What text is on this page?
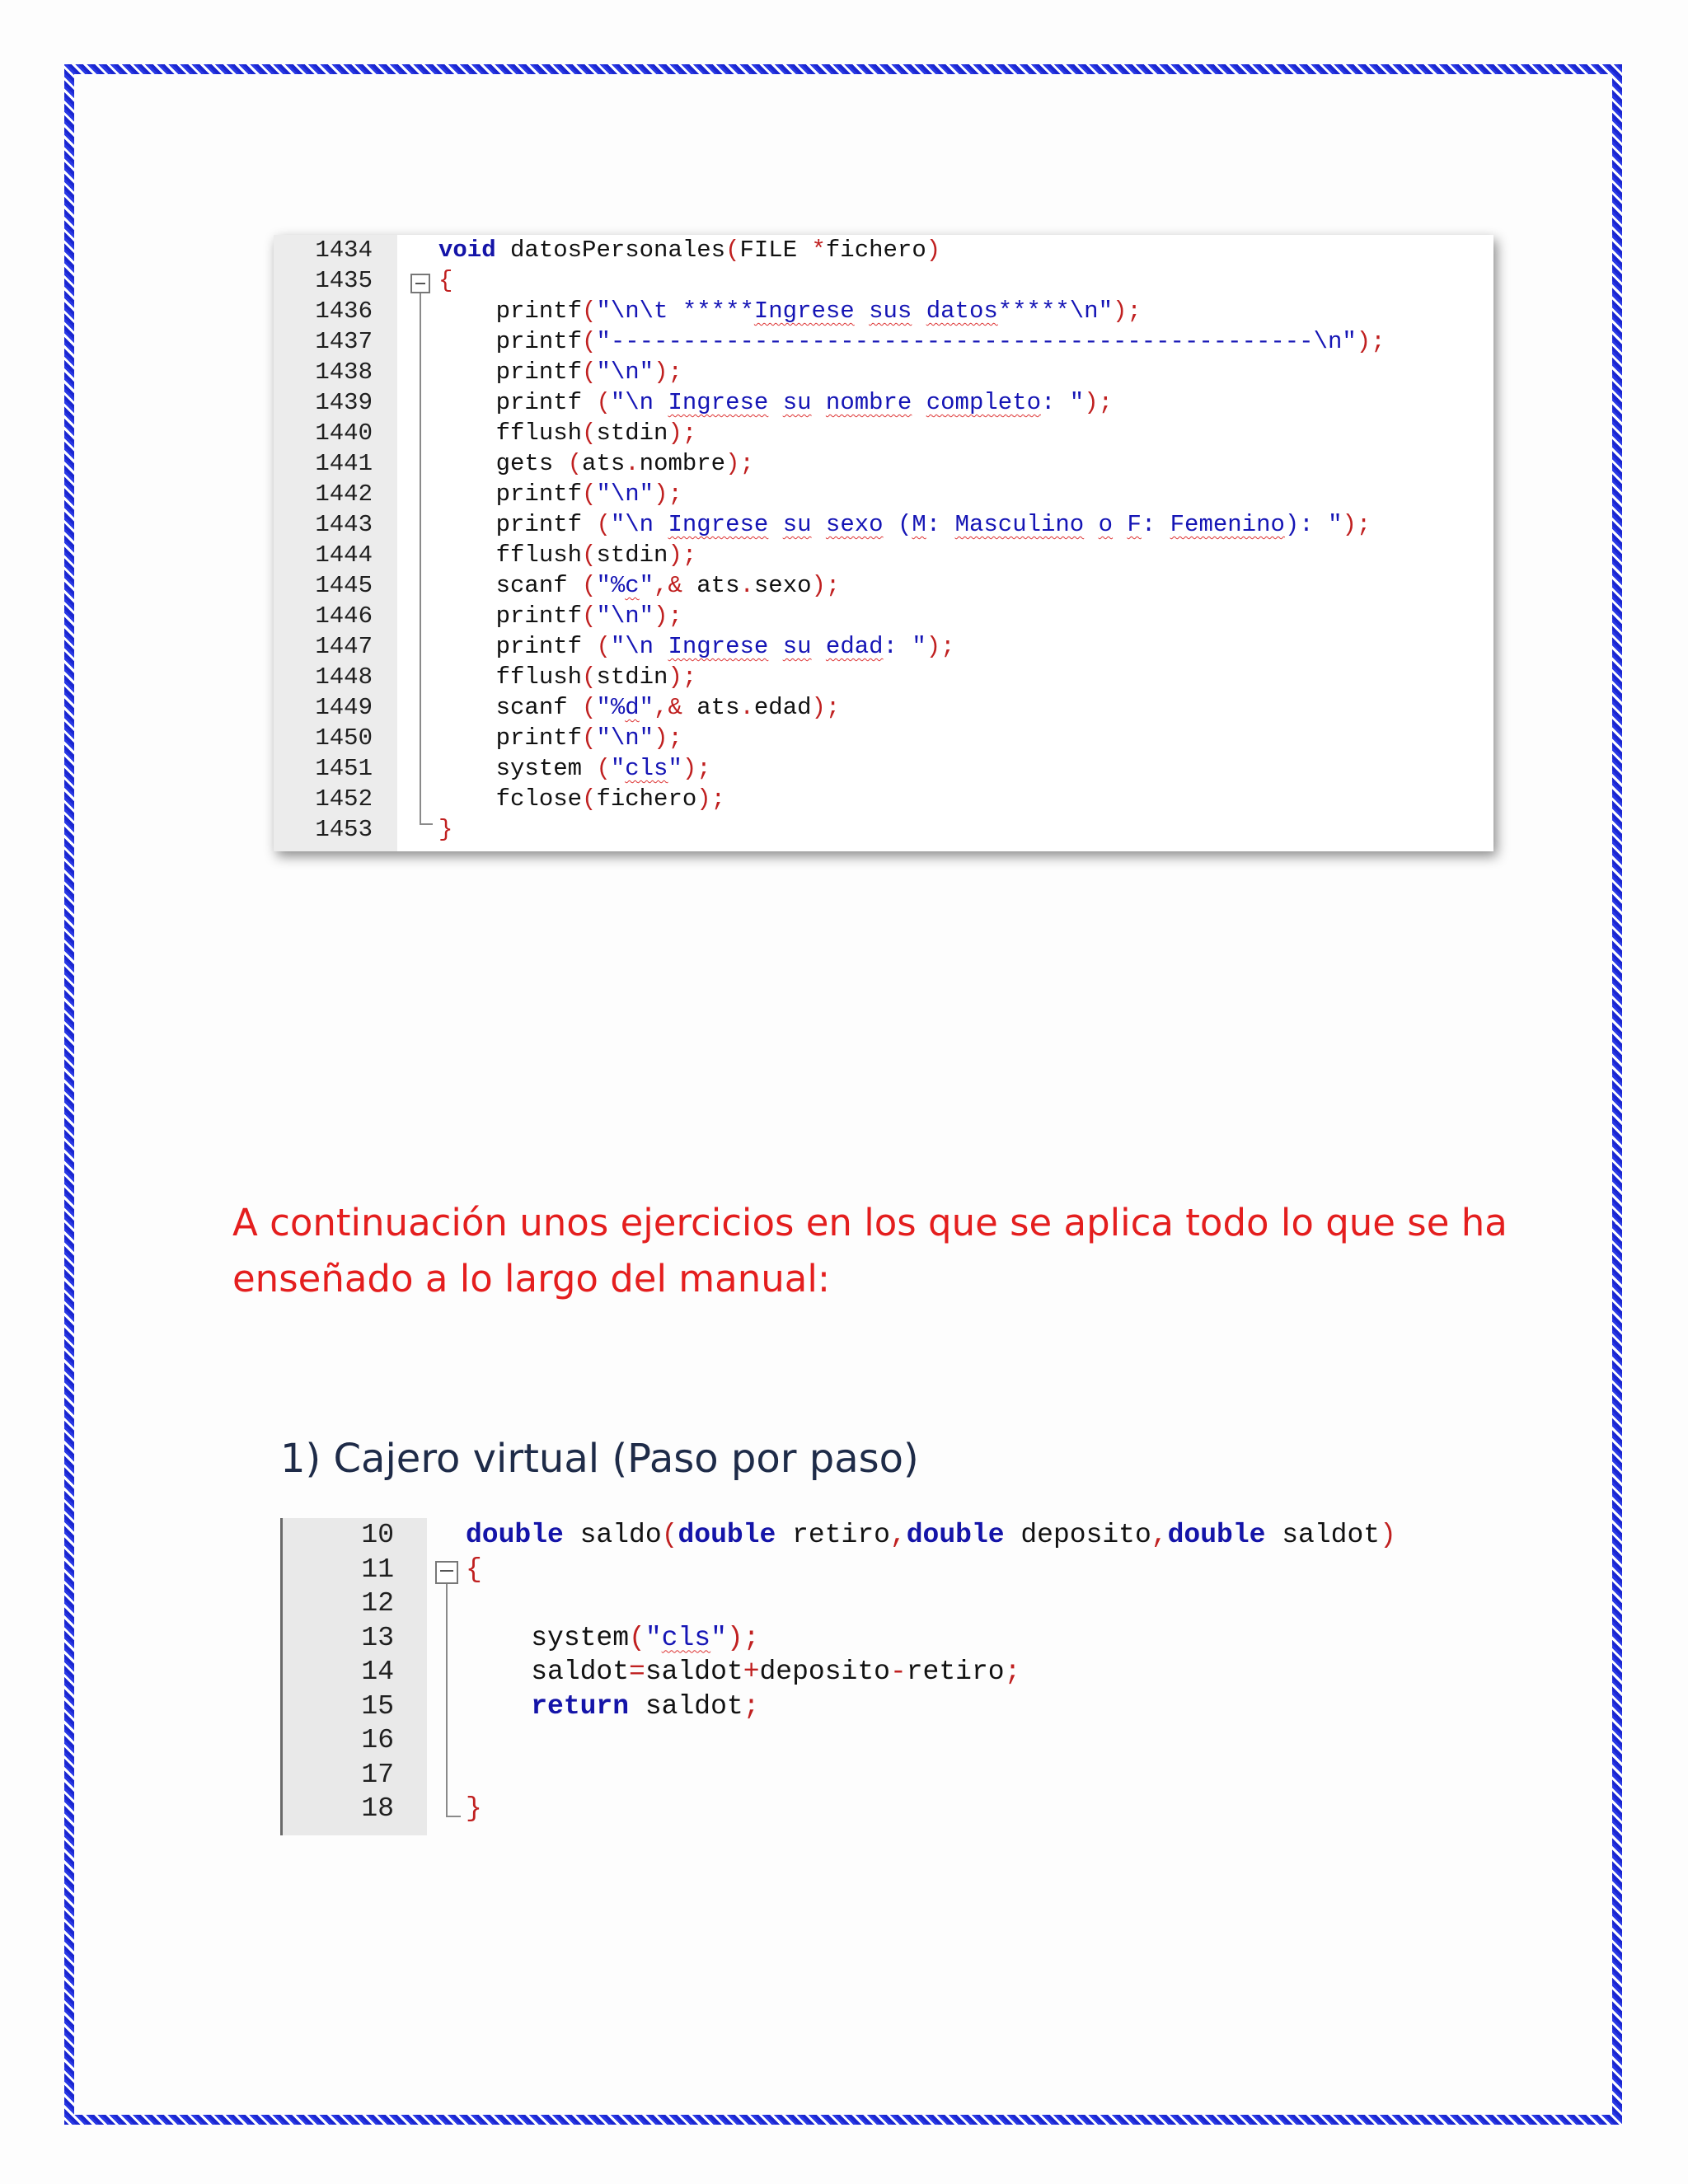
1434	void datosPersonales(FILE *fichero)
1435	{
1436	printf("\n\t *****Ingrese sus datos*****\n");
1437	printf("-------------------------------------------------\n");
1438	printf("\n");
1439	printf ("\n Ingrese su nombre completo: ");
1440	fflush(stdin);
1441	gets (ats.nombre);
1442	printf("\n");
1443	printf ("\n Ingrese su sexo (M: Masculino o F: Femenino): ");
1444	fflush(stdin);
1445	scanf ("%c",& ats.sexo);
1446	printf("\n");
1447	printf ("\n Ingrese su edad: ");
1448	fflush(stdin);
1449	scanf ("%d",& ats.edad);
1450	printf("\n");
1451	system ("cls");
1452	fclose(fichero);
1453	}

A continuación unos ejercicios en los que se aplica todo lo que se ha enseñado a lo largo del manual:
1) Cajero virtual (Paso por paso)

10	double saldo(double retiro,double deposito,double saldot)
11	{
12
13	system("cls");
14	saldot=saldot+deposito-retiro;
15	return saldot;
16
17
18	}
